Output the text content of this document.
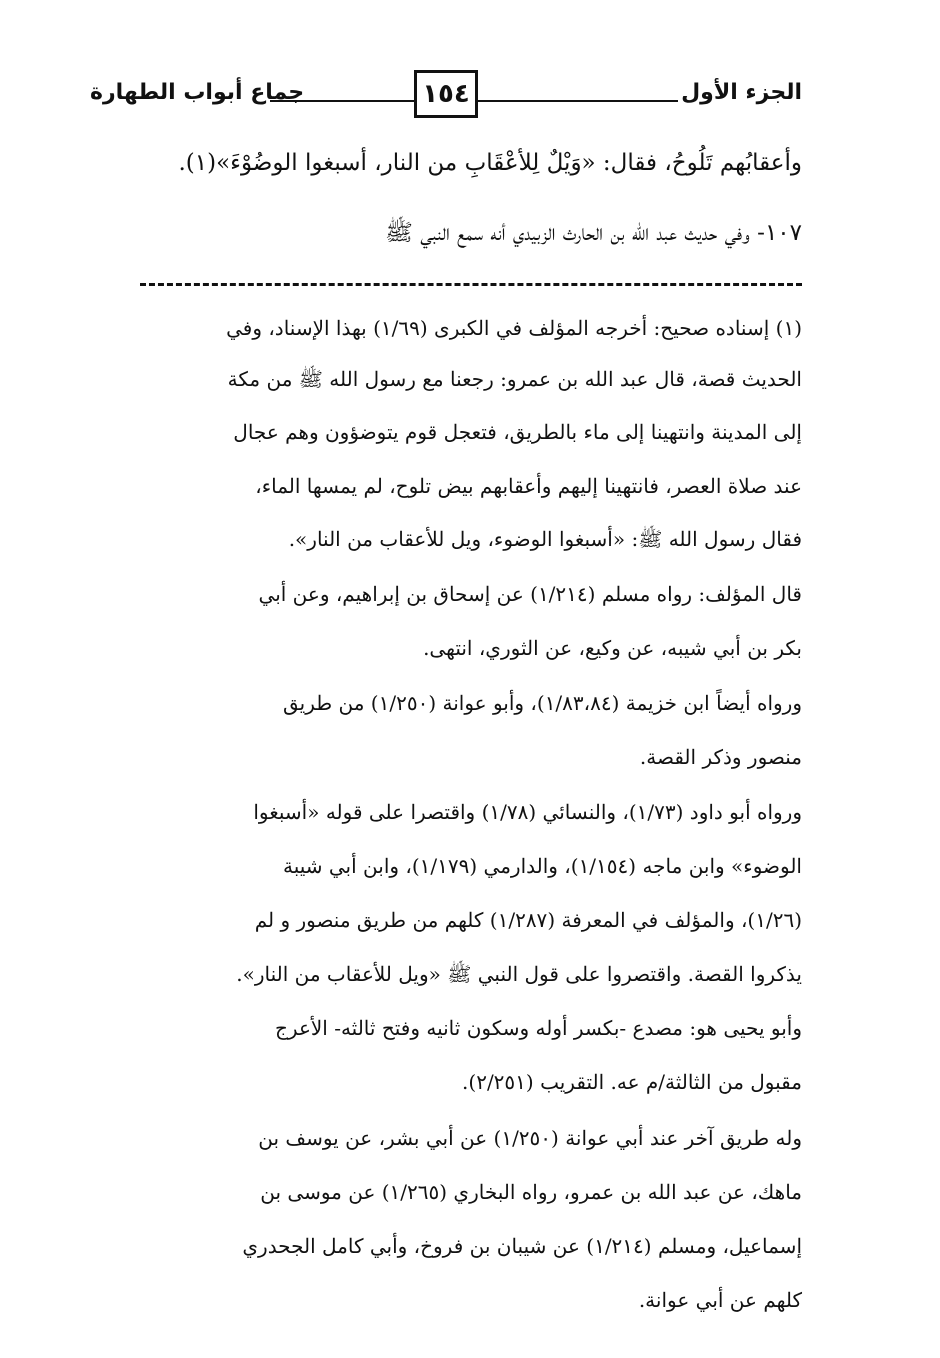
الجزء الأول
١٥٤
جماع أبواب الطهارة
وأعقابُهم تَلُوحُ، فقال: «وَيْلٌ لِلأعْقَابِ من النار، أسبغوا الوضُوْءَ»(١).
١٠٧- وفي حديث عبد الله بن الحارث الزبيدي أنه سمع النبي ﷺ
(١) إسناده صحيح: أخرجه المؤلف في الكبرى (١/٦٩) بهذا الإسناد، وفي
الحديث قصة، قال عبد الله بن عمرو: رجعنا مع رسول الله ﷺ من مكة
إلى المدينة وانتهينا إلى ماء بالطريق، فتعجل قوم يتوضؤون وهم عجال
عند صلاة العصر، فانتهينا إليهم وأعقابهم بيض تلوح، لم يمسها الماء،
فقال رسول الله ﷺ: «أسبغوا الوضوء، ويل للأعقاب من النار».
قال المؤلف: رواه مسلم (١/٢١٤) عن إسحاق بن إبراهيم، وعن أبي
بكر بن أبي شيبه، عن وكيع، عن الثوري، انتهى.
ورواه أيضاً ابن خزيمة (١/٨٣،٨٤)، وأبو عوانة (١/٢٥٠) من طريق
منصور وذكر القصة.
ورواه أبو داود (١/٧٣)، والنسائي (١/٧٨) واقتصرا على قوله «أسبغوا
الوضوء» وابن ماجه (١/١٥٤)، والدارمي (١/١٧٩)، وابن أبي شيبة
(١/٢٦)، والمؤلف في المعرفة (١/٢٨٧) كلهم من طريق منصور و لم
يذكروا القصة. واقتصروا على قول النبي ﷺ «ويل للأعقاب من النار».
وأبو يحيى هو: مصدع -بكسر أوله وسكون ثانيه وفتح ثالثه- الأعرج
مقبول من الثالثة/م عه. التقريب (٢/٢٥١).
وله طريق آخر عند أبي عوانة (١/٢٥٠) عن أبي بشر، عن يوسف بن
ماهك، عن عبد الله بن عمرو، رواه البخاري (١/٢٦٥) عن موسى بن
إسماعيل، ومسلم (١/٢١٤) عن شيبان بن فروخ، وأبي كامل الجحدري
كلهم عن أبي عوانة.
